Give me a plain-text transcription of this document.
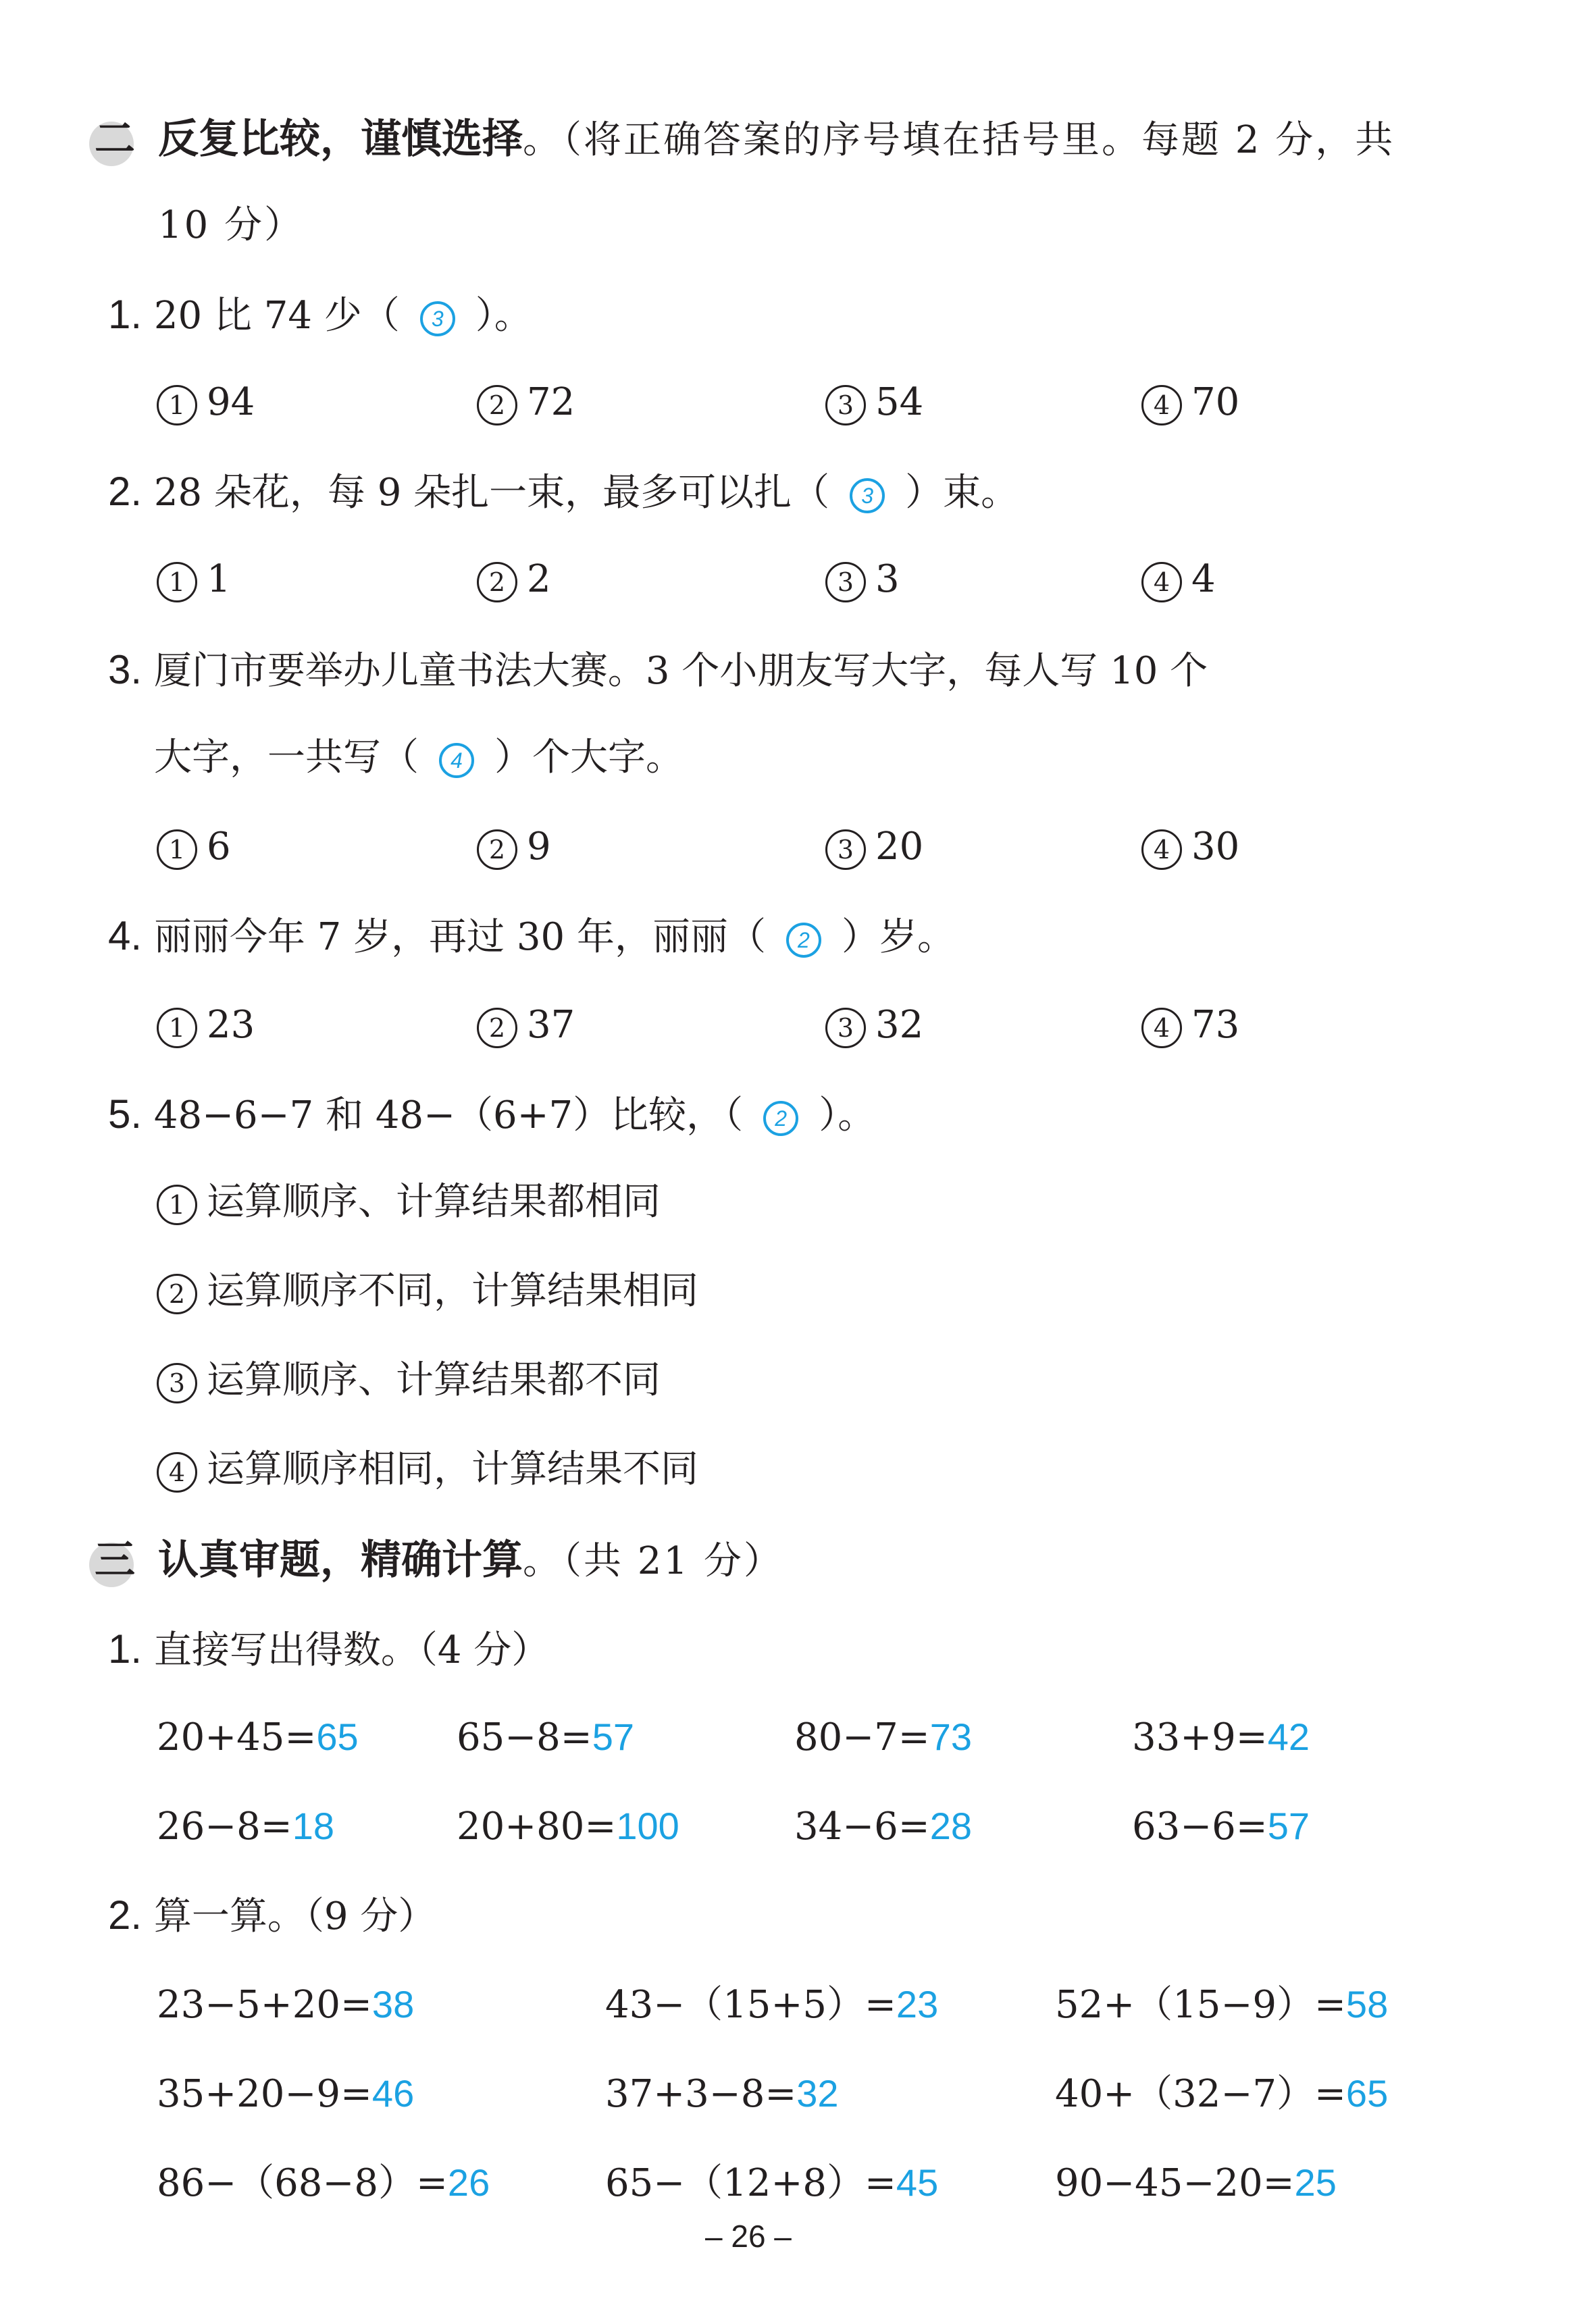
二 反复比较，谨慎选择。（将正确答案的序号填在括号里。每题 2 分，共
10 分）
1. 20 比 74 少（ 3 ）。
1 94	2 72	3 54	4 70
2. 28 朵花，每 9 朵扎一束，最多可以扎（ 3 ）束。
1 1	2 2	3 3	4 4
3. 厦门市要举办儿童书法大赛。3 个小朋友写大字，每人写 10 个
大字，一共写（ 4 ）个大字。
1 6	2 9	3 20	4 30
4. 丽丽今年 7 岁，再过 30 年，丽丽（ 2 ）岁。
1 23	2 37	3 32	4 73
5. 48−6−7 和 48−（6+7）比较，（ 2 ）。
1 运算顺序、计算结果都相同
2 运算顺序不同，计算结果相同
3 运算顺序、计算结果都不同
4 运算顺序相同，计算结果不同
三 认真审题，精确计算。（共 21 分）
1. 直接写出得数。（4 分）
20+45=65	65−8=57	80−7=73	33+9=42
26−8=18	20+80=100	34−6=28	63−6=57
2. 算一算。（9 分）
23−5+20=38	43−（15+5）=23	52+（15−9）=58
35+20−9=46	37+3−8=32	40+（32−7）=65
86−（68−8）=26	65−（12+8）=45	90−45−20=25
– 26 –
